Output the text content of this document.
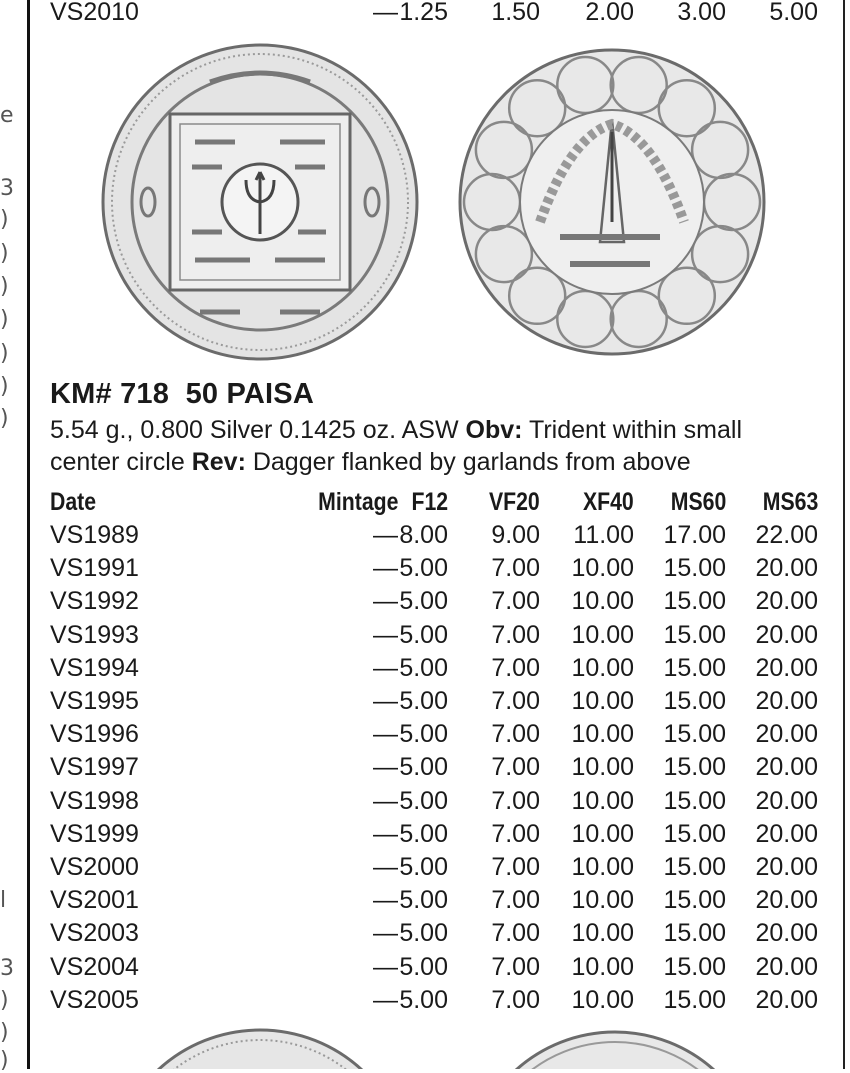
e
3
)
)
)
)
)
)
)
l
3
)
)
)
VS2010	— 1.25 1.50 2.00 3.00 5.00
KM# 718  50 PAISA
5.54 g., 0.800 Silver 0.1425 oz. ASW Obv: Trident within small
center circle Rev: Dagger flanked by garlands from above
Date	Mintage F12 VF20 XF40 MS60 MS63
VS1989	— 8.00 9.00 11.00 17.00 22.00
VS1991	— 5.00 7.00 10.00 15.00 20.00
VS1992	— 5.00 7.00 10.00 15.00 20.00
VS1993	— 5.00 7.00 10.00 15.00 20.00
VS1994	— 5.00 7.00 10.00 15.00 20.00
VS1995	— 5.00 7.00 10.00 15.00 20.00
VS1996	— 5.00 7.00 10.00 15.00 20.00
VS1997	— 5.00 7.00 10.00 15.00 20.00
VS1998	— 5.00 7.00 10.00 15.00 20.00
VS1999	— 5.00 7.00 10.00 15.00 20.00
VS2000	— 5.00 7.00 10.00 15.00 20.00
VS2001	— 5.00 7.00 10.00 15.00 20.00
VS2003	— 5.00 7.00 10.00 15.00 20.00
VS2004	— 5.00 7.00 10.00 15.00 20.00
VS2005	— 5.00 7.00 10.00 15.00 20.00
